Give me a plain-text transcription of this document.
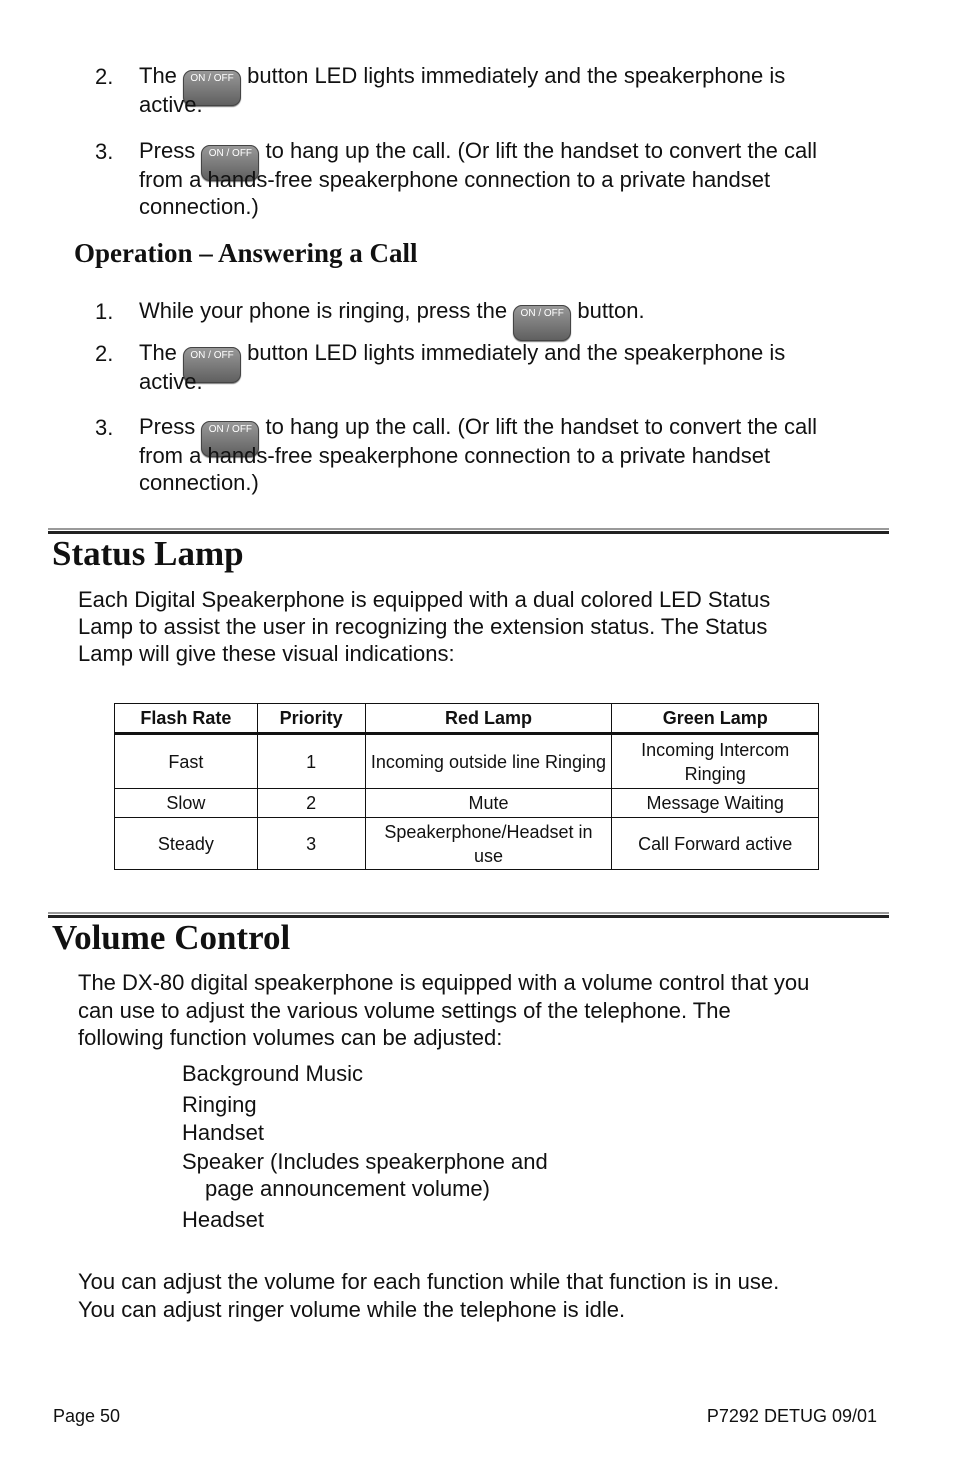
2. The ON / OFF button LED lights immediately and the speakerphone is
active.
3. Press ON / OFF to hang up the call. (Or lift the handset to convert the call
from a hands-free speakerphone connection to a private handset
connection.)
Operation – Answering a Call
1. While your phone is ringing, press the ON / OFF button.
2. The ON / OFF button LED lights immediately and the speakerphone is
active.
3. Press ON / OFF to hang up the call. (Or lift the handset to convert the call
from a hands-free speakerphone connection to a private handset
connection.)
Status Lamp
Each Digital Speakerphone is equipped with a dual colored LED Status
Lamp to assist the user in recognizing the extension status. The Status
Lamp will give these visual indications:
Flash Rate	Priority	Red Lamp	Green Lamp
Fast	1	Incoming outside line Ringing	Incoming Intercom Ringing
Slow	2	Mute	Message Waiting
Steady	3	Speakerphone/Headset in use	Call Forward active
Volume Control
The DX-80 digital speakerphone is equipped with a volume control that you
can use to adjust the various volume settings of the telephone. The
following function volumes can be adjusted:
Background Music
Ringing
Handset
Speaker (Includes speakerphone and
page announcement volume)
Headset
You can adjust the volume for each function while that function is in use.
You can adjust ringer volume while the telephone is idle.
Page 50	P7292 DETUG 09/01
